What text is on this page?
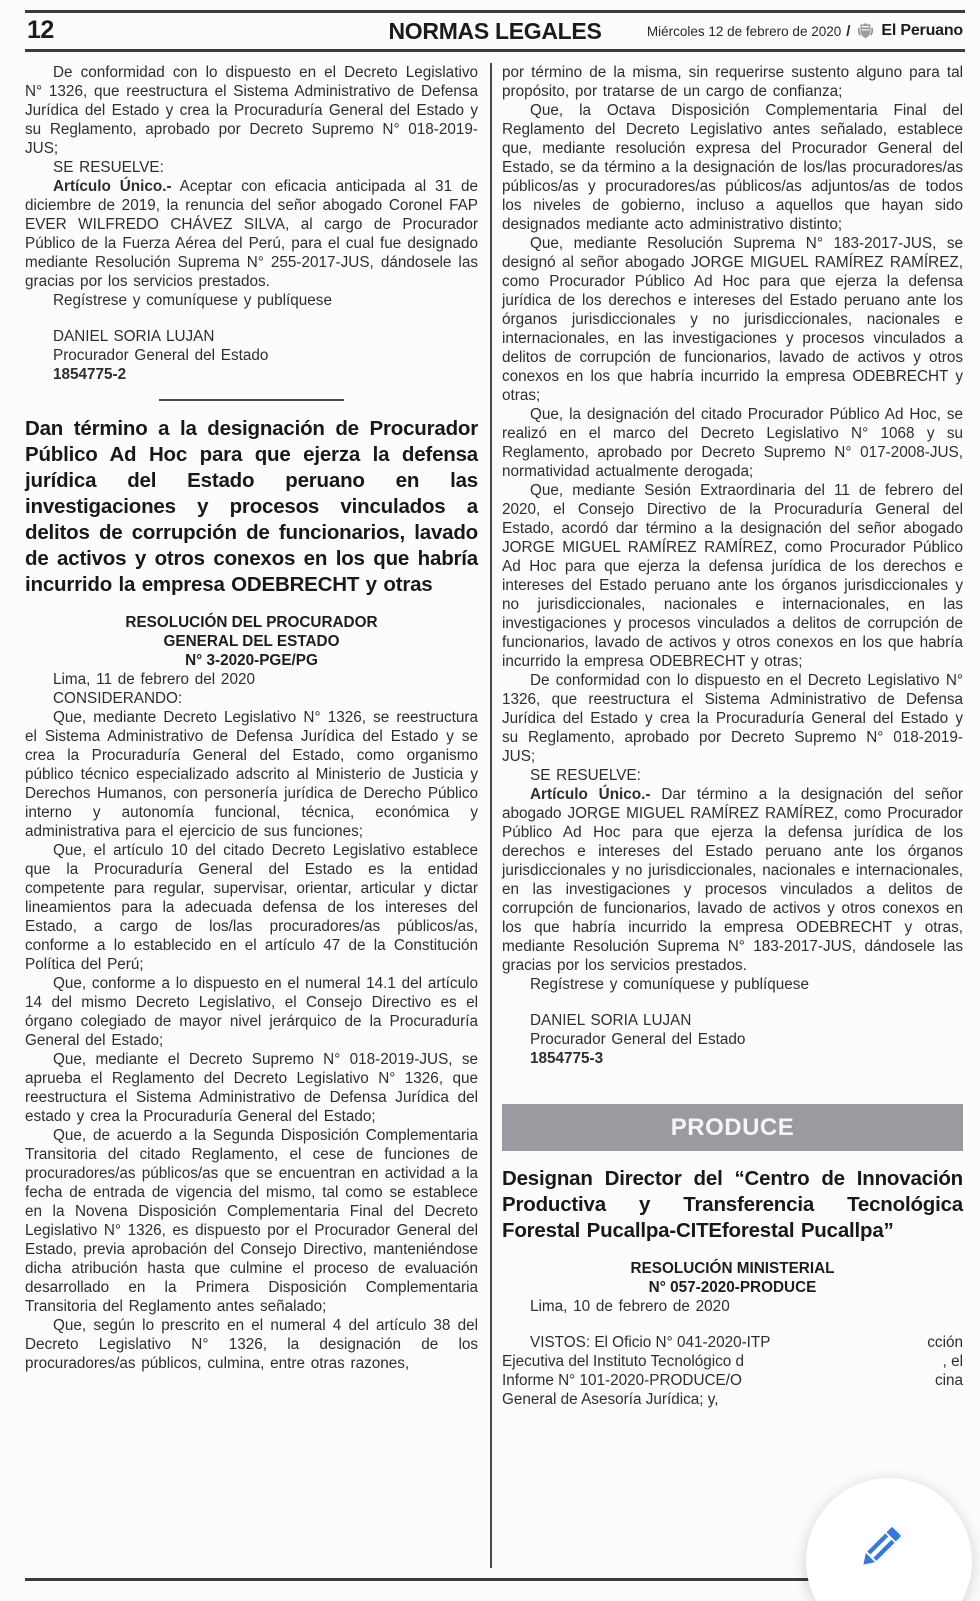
12	NORMAS LEGALES	Miércoles 12 de febrero de 2020 / El Peruano

De conformidad con lo dispuesto en el Decreto Legislativo N° 1326, que reestructura el Sistema Administrativo de Defensa Jurídica del Estado y crea la Procuraduría General del Estado y su Reglamento, aprobado por Decreto Supremo N° 018-2019-JUS;

SE RESUELVE:

Artículo Único.- Aceptar con eficacia anticipada al 31 de diciembre de 2019, la renuncia del señor abogado Coronel FAP EVER WILFREDO CHÁVEZ SILVA, al cargo de Procurador Público de la Fuerza Aérea del Perú, para el cual fue designado mediante Resolución Suprema N° 255-2017-JUS, dándosele las gracias por los servicios prestados.

Regístrese y comuníquese y publíquese

DANIEL SORIA LUJAN

Procurador General del Estado

1854775-2

Dan término a la designación de Procurador Público Ad Hoc para que ejerza la defensa jurídica del Estado peruano en las investigaciones y procesos vinculados a delitos de corrupción de funcionarios, lavado de activos y otros conexos en los que habría incurrido la empresa ODEBRECHT y otras

RESOLUCIÓN DEL PROCURADOR

GENERAL DEL ESTADO

N° 3-2020-PGE/PG

Lima, 11 de febrero del 2020

CONSIDERANDO:

Que, mediante Decreto Legislativo N° 1326, se reestructura el Sistema Administrativo de Defensa Jurídica del Estado y se crea la Procuraduría General del Estado, como organismo público técnico especializado adscrito al Ministerio de Justicia y Derechos Humanos, con personería jurídica de Derecho Público interno y autonomía funcional, técnica, económica y administrativa para el ejercicio de sus funciones;

Que, el artículo 10 del citado Decreto Legislativo establece que la Procuraduría General del Estado es la entidad competente para regular, supervisar, orientar, articular y dictar lineamientos para la adecuada defensa de los intereses del Estado, a cargo de los/las procuradores/as públicos/as, conforme a lo establecido en el artículo 47 de la Constitución Política del Perú;

Que, conforme a lo dispuesto en el numeral 14.1 del artículo 14 del mismo Decreto Legislativo, el Consejo Directivo es el órgano colegiado de mayor nivel jerárquico de la Procuraduría General del Estado;

Que, mediante el Decreto Supremo N° 018-2019-JUS, se aprueba el Reglamento del Decreto Legislativo N° 1326, que reestructura el Sistema Administrativo de Defensa Jurídica del estado y crea la Procuraduría General del Estado;

Que, de acuerdo a la Segunda Disposición Complementaria Transitoria del citado Reglamento, el cese de funciones de procuradores/as públicos/as que se encuentran en actividad a la fecha de entrada de vigencia del mismo, tal como se establece en la Novena Disposición Complementaria Final del Decreto Legislativo N° 1326, es dispuesto por el Procurador General del Estado, previa aprobación del Consejo Directivo, manteniéndose dicha atribución hasta que culmine el proceso de evaluación desarrollado en la Primera Disposición Complementaria Transitoria del Reglamento antes señalado;

Que, según lo prescrito en el numeral 4 del artículo 38 del Decreto Legislativo N° 1326, la designación de los procuradores/as públicos, culmina, entre otras razones,

por término de la misma, sin requerirse sustento alguno para tal propósito, por tratarse de un cargo de confianza;

Que, la Octava Disposición Complementaria Final del Reglamento del Decreto Legislativo antes señalado, establece que, mediante resolución expresa del Procurador General del Estado, se da término a la designación de los/las procuradores/as públicos/as y procuradores/as públicos/as adjuntos/as de todos los niveles de gobierno, incluso a aquellos que hayan sido designados mediante acto administrativo distinto;

Que, mediante Resolución Suprema N° 183-2017-JUS, se designó al señor abogado JORGE MIGUEL RAMÍREZ RAMÍREZ, como Procurador Público Ad Hoc para que ejerza la defensa jurídica de los derechos e intereses del Estado peruano ante los órganos jurisdiccionales y no jurisdiccionales, nacionales e internacionales, en las investigaciones y procesos vinculados a delitos de corrupción de funcionarios, lavado de activos y otros conexos en los que habría incurrido la empresa ODEBRECHT y otras;

Que, la designación del citado Procurador Público Ad Hoc, se realizó en el marco del Decreto Legislativo N° 1068 y su Reglamento, aprobado por Decreto Supremo N° 017-2008-JUS, normatividad actualmente derogada;

Que, mediante Sesión Extraordinaria del 11 de febrero del 2020, el Consejo Directivo de la Procuraduría General del Estado, acordó dar término a la designación del señor abogado JORGE MIGUEL RAMÍREZ RAMÍREZ, como Procurador Público Ad Hoc para que ejerza la defensa jurídica de los derechos e intereses del Estado peruano ante los órganos jurisdiccionales y no jurisdiccionales, nacionales e internacionales, en las investigaciones y procesos vinculados a delitos de corrupción de funcionarios, lavado de activos y otros conexos en los que habría incurrido la empresa ODEBRECHT y otras;

De conformidad con lo dispuesto en el Decreto Legislativo N° 1326, que reestructura el Sistema Administrativo de Defensa Jurídica del Estado y crea la Procuraduría General del Estado y su Reglamento, aprobado por Decreto Supremo N° 018-2019-JUS;

SE RESUELVE:

Artículo Único.- Dar término a la designación del señor abogado JORGE MIGUEL RAMÍREZ RAMÍREZ, como Procurador Público Ad Hoc para que ejerza la defensa jurídica de los derechos e intereses del Estado peruano ante los órganos jurisdiccionales y no jurisdiccionales, nacionales e internacionales, en las investigaciones y procesos vinculados a delitos de corrupción de funcionarios, lavado de activos y otros conexos en los que habría incurrido la empresa ODEBRECHT y otras, mediante Resolución Suprema N° 183-2017-JUS, dándosele las gracias por los servicios prestados.

Regístrese y comuníquese y publíquese

DANIEL SORIA LUJAN

Procurador General del Estado

1854775-3

PRODUCE
Designan Director del “Centro de Innovación Productiva y Transferencia Tecnológica Forestal Pucallpa-CITEforestal Pucallpa”

RESOLUCIÓN MINISTERIAL

N° 057-2020-PRODUCE

Lima, 10 de febrero de 2020

VISTOS: El Oficio N° 041-2020-ITP	cción
Ejecutiva del Instituto Tecnológico d	, el
Informe N° 101-2020-PRODUCE/O	cina
General de Asesoría Jurídica; y,
